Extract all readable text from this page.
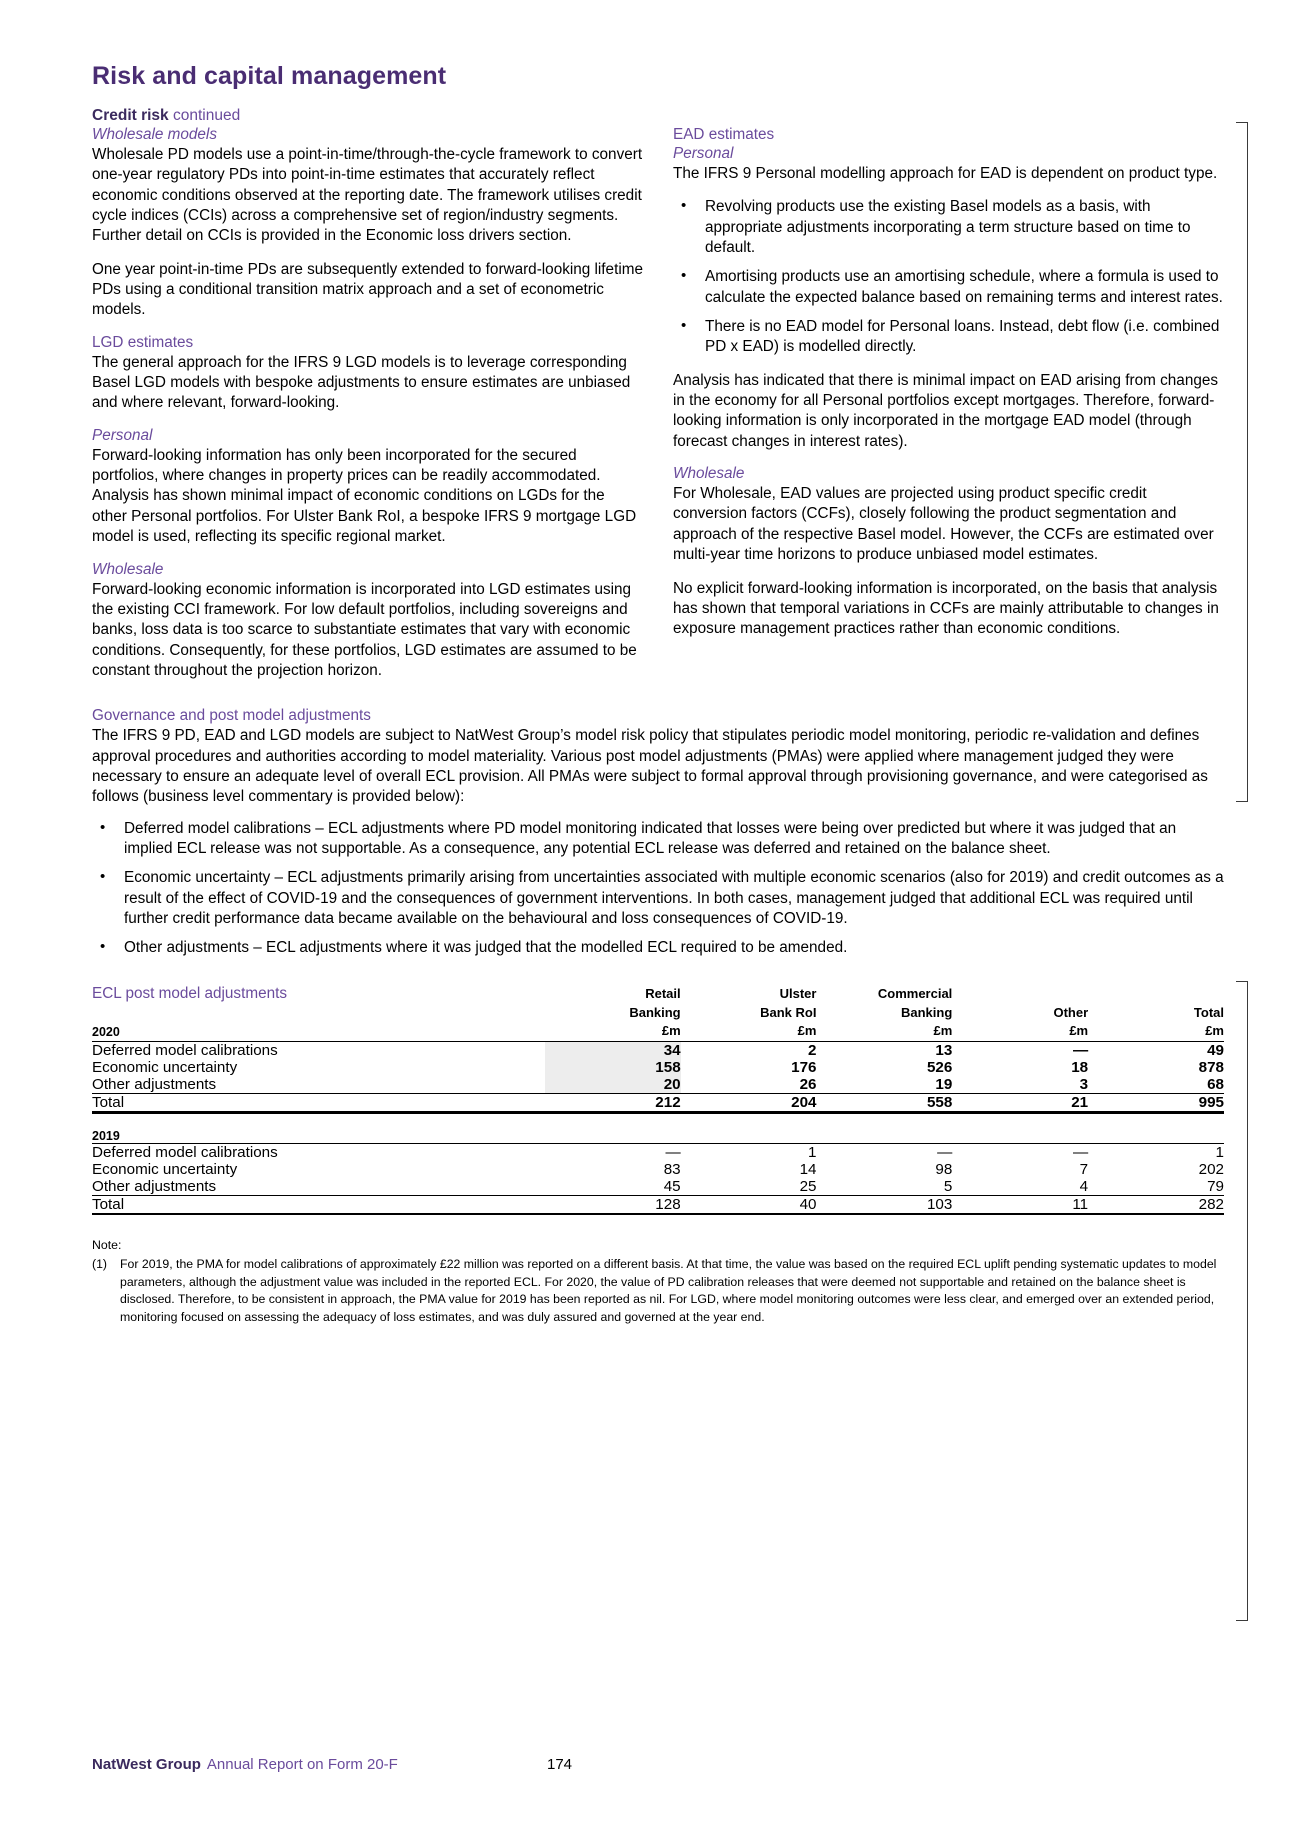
Risk and capital management
Credit risk continued
Wholesale models

Wholesale PD models use a point-in-time/through-the-cycle framework to convert one-year regulatory PDs into point-in-time estimates that accurately reflect economic conditions observed at the reporting date. The framework utilises credit cycle indices (CCIs) across a comprehensive set of region/industry segments. Further detail on CCIs is provided in the Economic loss drivers section.

One year point-in-time PDs are subsequently extended to forward-looking lifetime PDs using a conditional transition matrix approach and a set of econometric models.

LGD estimates

The general approach for the IFRS 9 LGD models is to leverage corresponding Basel LGD models with bespoke adjustments to ensure estimates are unbiased and where relevant, forward-looking.

Personal

Forward-looking information has only been incorporated for the secured portfolios, where changes in property prices can be readily accommodated. Analysis has shown minimal impact of economic conditions on LGDs for the other Personal portfolios. For Ulster Bank RoI, a bespoke IFRS 9 mortgage LGD model is used, reflecting its specific regional market.

Wholesale

Forward-looking economic information is incorporated into LGD estimates using the existing CCI framework. For low default portfolios, including sovereigns and banks, loss data is too scarce to substantiate estimates that vary with economic conditions. Consequently, for these portfolios, LGD estimates are assumed to be constant throughout the projection horizon.

EAD estimates
Personal

The IFRS 9 Personal modelling approach for EAD is dependent on product type.

• Revolving products use the existing Basel models as a basis, with appropriate adjustments incorporating a term structure based on time to default.
• Amortising products use an amortising schedule, where a formula is used to calculate the expected balance based on remaining terms and interest rates.
• There is no EAD model for Personal loans. Instead, debt flow (i.e. combined PD x EAD) is modelled directly.

Analysis has indicated that there is minimal impact on EAD arising from changes in the economy for all Personal portfolios except mortgages. Therefore, forward-looking information is only incorporated in the mortgage EAD model (through forecast changes in interest rates).

Wholesale

For Wholesale, EAD values are projected using product specific credit conversion factors (CCFs), closely following the product segmentation and approach of the respective Basel model. However, the CCFs are estimated over multi-year time horizons to produce unbiased model estimates.

No explicit forward-looking information is incorporated, on the basis that analysis has shown that temporal variations in CCFs are mainly attributable to changes in exposure management practices rather than economic conditions.

Governance and post model adjustments

The IFRS 9 PD, EAD and LGD models are subject to NatWest Group’s model risk policy that stipulates periodic model monitoring, periodic re-validation and defines approval procedures and authorities according to model materiality. Various post model adjustments (PMAs) were applied where management judged they were necessary to ensure an adequate level of overall ECL provision. All PMAs were subject to formal approval through provisioning governance, and were categorised as follows (business level commentary is provided below):

• Deferred model calibrations – ECL adjustments where PD model monitoring indicated that losses were being over predicted but where it was judged that an implied ECL release was not supportable. As a consequence, any potential ECL release was deferred and retained on the balance sheet.
• Economic uncertainty – ECL adjustments primarily arising from uncertainties associated with multiple economic scenarios (also for 2019) and credit outcomes as a result of the effect of COVID-19 and the consequences of government interventions. In both cases, management judged that additional ECL was required until further credit performance data became available on the behavioural and loss consequences of COVID-19.
• Other adjustments – ECL adjustments where it was judged that the modelled ECL required to be amended.
ECL post model adjustments	Retail	Ulster	Commercial		
	Banking	Bank RoI	Banking	Other	Total
2020	£m	£m	£m	£m	£m
Deferred model calibrations	34	2	13	—	49
Economic uncertainty	158	176	526	18	878
Other adjustments	20	26	19	3	68
Total	212	204	558	21	995

2019					
Deferred model calibrations	—	1	—	—	1
Economic uncertainty	83	14	98	7	202
Other adjustments	45	25	5	4	79
Total	128	40	103	11	282
Note:
(1)	For 2019, the PMA for model calibrations of approximately £22 million was reported on a different basis. At that time, the value was based on the required ECL uplift pending systematic updates to model parameters, although the adjustment value was included in the reported ECL. For 2020, the value of PD calibration releases that were deemed not supportable and retained on the balance sheet is disclosed. Therefore, to be consistent in approach, the PMA value for 2019 has been reported as nil. For LGD, where model monitoring outcomes were less clear, and emerged over an extended period, monitoring focused on assessing the adequacy of loss estimates, and was duly assured and governed at the year end.
NatWest Group Annual Report on Form 20-F	174
